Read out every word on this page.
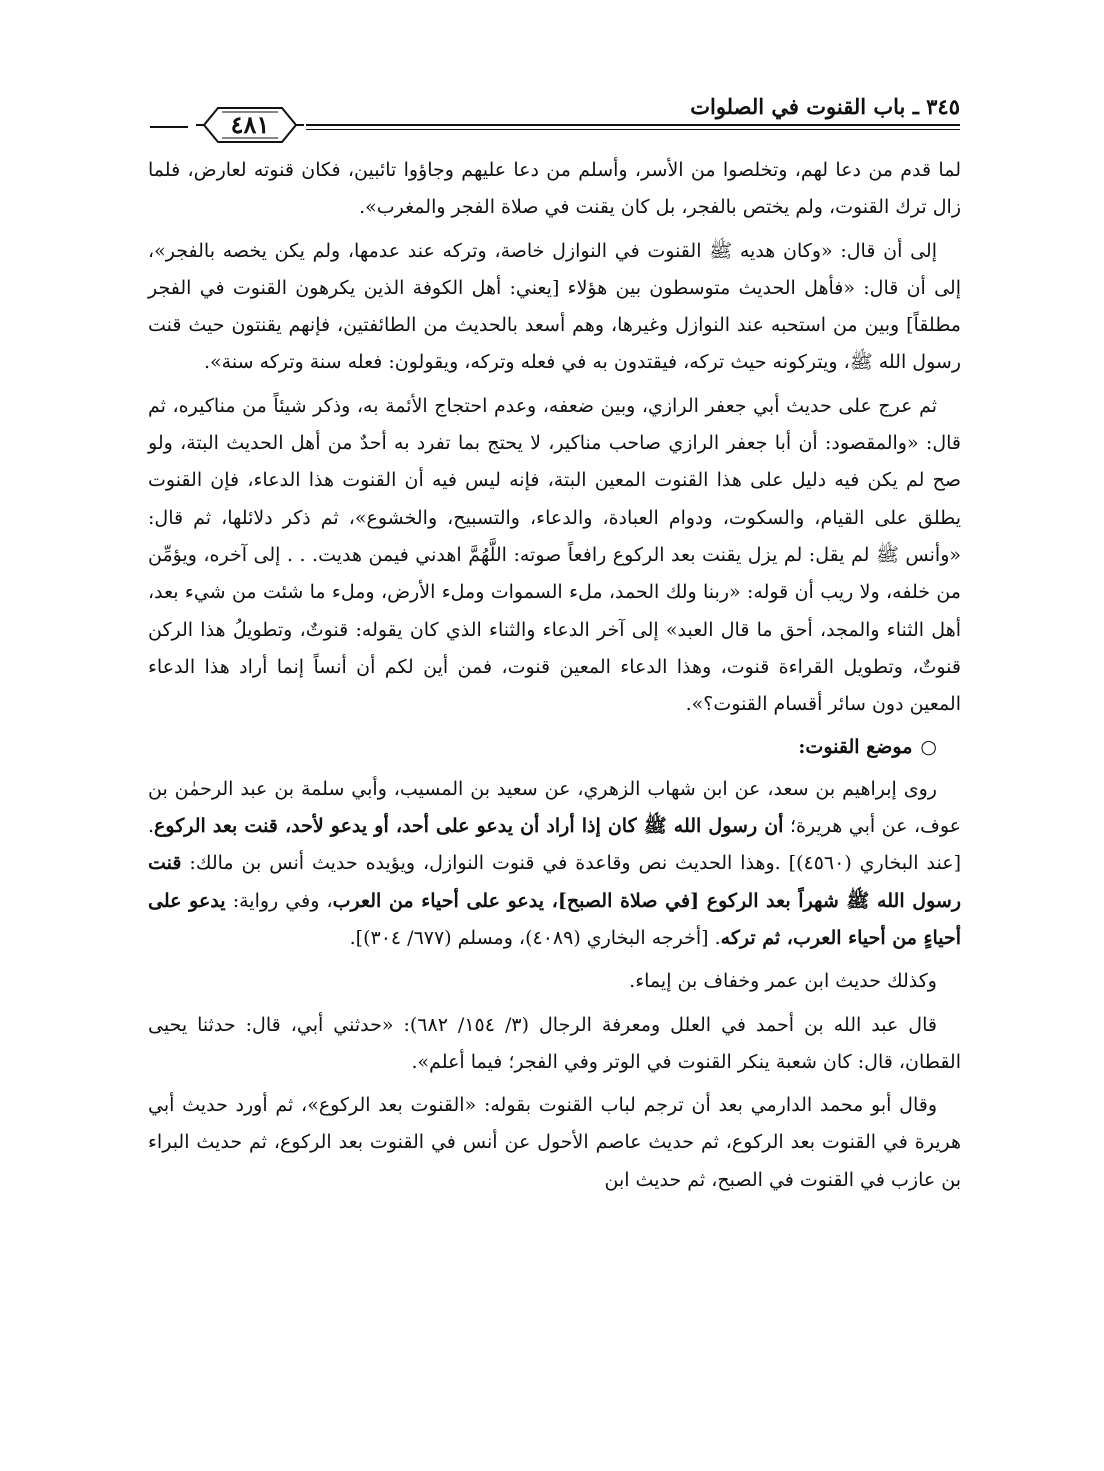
٣٤٥ ـ باب القنوت في الصلوات
٤٨١

لما قدم من دعا لهم، وتخلصوا من الأسر، وأسلم من دعا عليهم وجاؤوا تائبين، فكان قنوته لعارض، فلما زال ترك القنوت، ولم يختص بالفجر، بل كان يقنت في صلاة الفجر والمغرب».

إلى أن قال: «وكان هديه ﷺ القنوت في النوازل خاصة، وتركه عند عدمها، ولم يكن يخصه بالفجر»، إلى أن قال: «فأهل الحديث متوسطون بين هؤلاء [يعني: أهل الكوفة الذين يكرهون القنوت في الفجر مطلقاً] وبين من استحبه عند النوازل وغيرها، وهم أسعد بالحديث من الطائفتين، فإنهم يقنتون حيث قنت رسول الله ﷺ، ويتركونه حيث تركه، فيقتدون به في فعله وتركه، ويقولون: فعله سنة وتركه سنة».

ثم عرج على حديث أبي جعفر الرازي، وبين ضعفه، وعدم احتجاج الأئمة به، وذكر شيئاً من مناكيره، ثم قال: «والمقصود: أن أبا جعفر الرازي صاحب مناكير، لا يحتج بما تفرد به أحدٌ من أهل الحديث البتة، ولو صح لم يكن فيه دليل على هذا القنوت المعين البتة، فإنه ليس فيه أن القنوت هذا الدعاء، فإن القنوت يطلق على القيام، والسكوت، ودوام العبادة، والدعاء، والتسبيح، والخشوع»، ثم ذكر دلائلها، ثم قال: «وأنس ﷺ لم يقل: لم يزل يقنت بعد الركوع رافعاً صوته: اللَّهُمَّ اهدني فيمن هديت. . . إلى آخره، ويؤمِّن من خلفه، ولا ريب أن قوله: «ربنا ولك الحمد، ملء السموات وملء الأرض، وملء ما شئت من شيء بعد، أهل الثناء والمجد، أحق ما قال العبد» إلى آخر الدعاء والثناء الذي كان يقوله: قنوتٌ، وتطويلُ هذا الركن قنوتٌ، وتطويل القراءة قنوت، وهذا الدعاء المعين قنوت، فمن أين لكم أن أنساً إنما أراد هذا الدعاء المعين دون سائر أقسام القنوت؟».

○موضع القنوت:

روى إبراهيم بن سعد، عن ابن شهاب الزهري، عن سعيد بن المسيب، وأبي سلمة بن عبد الرحمٰن بن عوف، عن أبي هريرة؛ أن رسول الله ﷺ كان إذا أراد أن يدعو على أحد، أو يدعو لأحد، قنت بعد الركوع. [عند البخاري (٤٥٦٠)] .وهذا الحديث نص وقاعدة في قنوت النوازل، ويؤيده حديث أنس بن مالك: قنت رسول الله ﷺ شهراً بعد الركوع [في صلاة الصبح]، يدعو على أحياء من العرب، وفي رواية: يدعو على أحياءٍ من أحياء العرب، ثم تركه. [أخرجه البخاري (٤٠٨٩)، ومسلم (٦٧٧/ ٣٠٤)].

وكذلك حديث ابن عمر وخفاف بن إيماء.

قال عبد الله بن أحمد في العلل ومعرفة الرجال (٣/ ١٥٤/ ٦٨٢): «حدثني أبي، قال: حدثنا يحيى القطان، قال: كان شعبة ينكر القنوت في الوتر وفي الفجر؛ فيما أعلم».

وقال أبو محمد الدارمي بعد أن ترجم لباب القنوت بقوله: «القنوت بعد الركوع»، ثم أورد حديث أبي هريرة في القنوت بعد الركوع، ثم حديث عاصم الأحول عن أنس في القنوت بعد الركوع، ثم حديث البراء بن عازب في القنوت في الصبح، ثم حديث ابن
